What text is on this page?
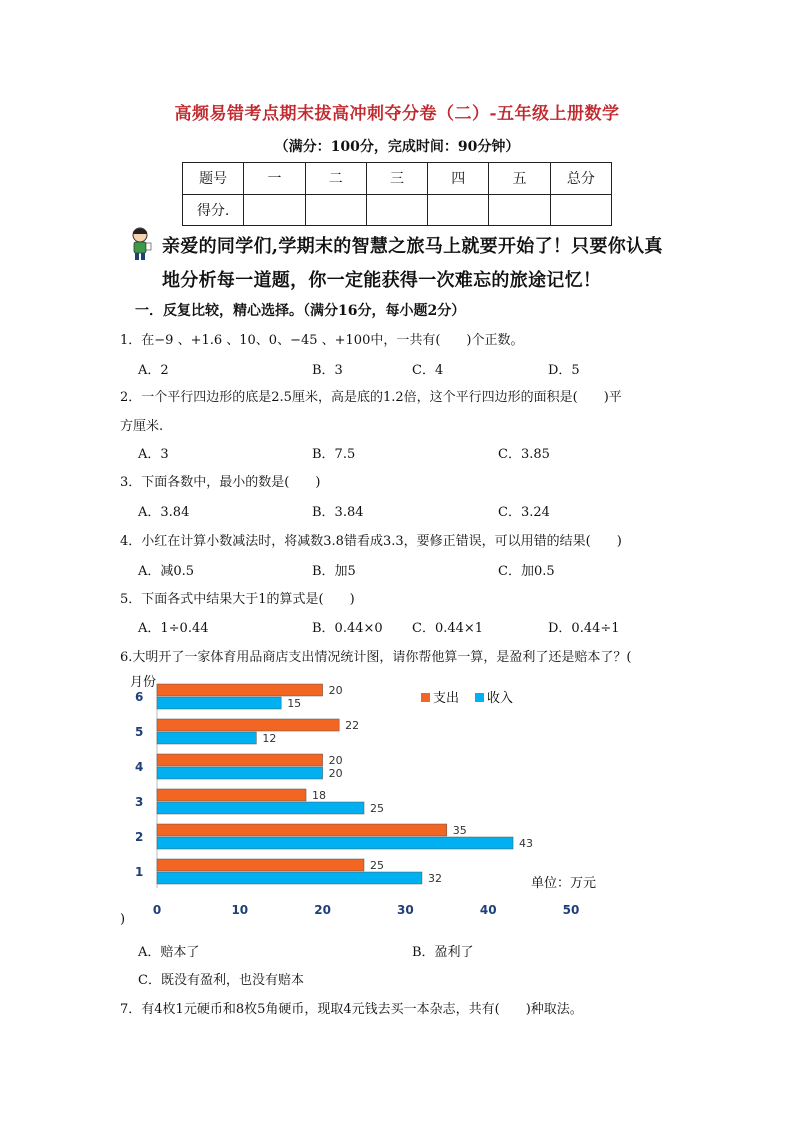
高频易错考点期末拔高冲刺夺分卷（二）-五年级上册数学
（满分：100分，完成时间：90分钟）
题号	一	二	三	四	五	总分
得分.						
亲爱的同学们,学期末的智慧之旅马上就要开始了！只要你认真
地分析每一道题，你一定能获得一次难忘的旅途记忆！
一．反复比较，精心选择。（满分16分，每小题2分）
1．在−9 、+1.6 、10、0、−45 、+100中，一共有(　　)个正数。
A．2	B．3	C．4	D．5
2．一个平行四边形的底是2.5厘米，高是底的1.2倍，这个平行四边形的面积是(　　)平
方厘米.
A．3	B．7.5	C．3.85
3．下面各数中，最小的数是(　　)
A．3.84	B．3.84	C．3.24
4．小红在计算小数减法时，将减数3.8错看成3.3，要修正错误，可以用错的结果(　　)
A．减0.5	B．加5	C．加0.5
5．下面各式中结果大于1的算式是(　　)
A．1÷0.44	B．0.44×0 C．0.44×1	D．0.44÷1
6.大明开了一家体育用品商店支出情况统计图，请你帮他算一算，是盈利了还是赔本了？(
月份
25
32
35
43
18
25
20
20
22
12
20
15
1
2
3
4
5
6
0	10	20	30	40	50
支出 收入
单位：万元
)
A．赔本了	B．盈利了
C．既没有盈利，也没有赔本
7．有4枚1元硬币和8枚5角硬币，现取4元钱去买一本杂志，共有(　　)种取法。
